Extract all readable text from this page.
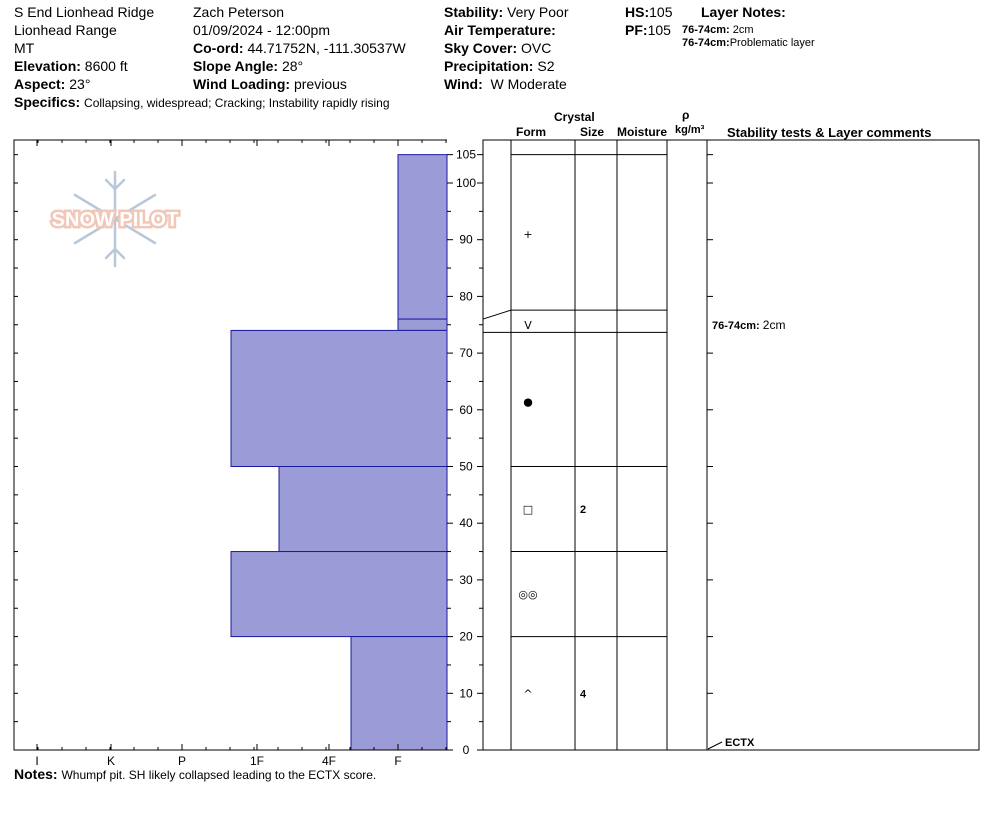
S End Lionhead Ridge
Lionhead Range
MT
Elevation: 8600 ft
Aspect: 23°
Zach Peterson
01/09/2024 - 12:00pm
Co-ord: 44.71752N, -111.30537W
Slope Angle: 28°
Wind Loading: previous
Stability: Very Poor
Air Temperature:
Sky Cover: OVC
Precipitation: S2
Wind: W Moderate
HS:105
PF:105
Layer Notes:
76-74cm: 2cm
76-74cm:Problematic layer
Specifics: Collapsing, widespread; Cracking; Instability rapidly rising
Crystal
Form	Size Moisture
ρ
kg/m³ Stability tests & Layer comments
SNOW PILOT
0
10
20
30
40
50
60
70
80
90
100
105
+
V
●
□	2
◎◎
^	4
76-74cm: 2cm
ECTX
I	K	P	1F	4F	F
Notes: Whumpf pit. SH likely collapsed leading to the ECTX score.
